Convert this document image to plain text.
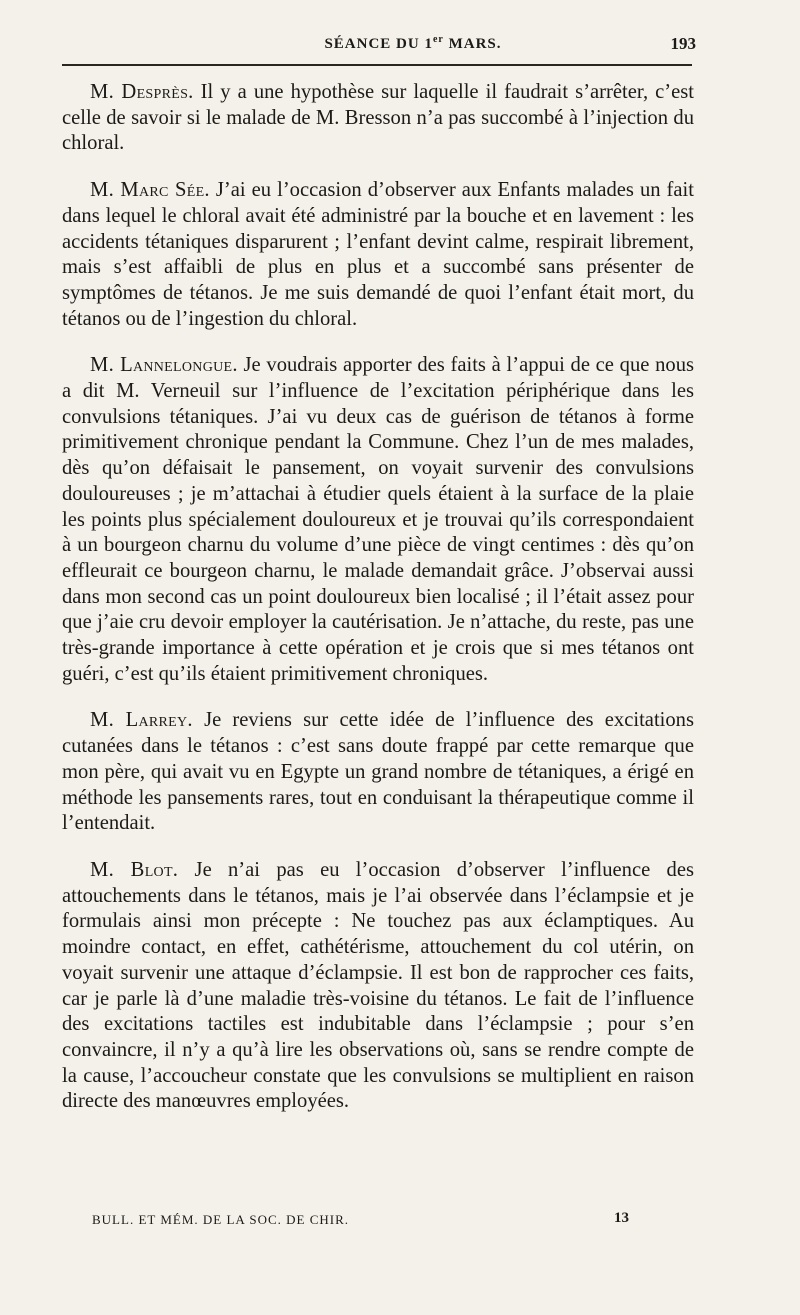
SÉANCE DU 1er MARS.	193

M. Desprès. Il y a une hypothèse sur laquelle il faudrait s’arrêter, c’est celle de savoir si le malade de M. Bresson n’a pas succombé à l’injection du chloral.

M. Marc Sée. J’ai eu l’occasion d’observer aux Enfants malades un fait dans lequel le chloral avait été administré par la bouche et en lavement : les accidents tétaniques disparurent ; l’enfant devint calme, respirait librement, mais s’est affaibli de plus en plus et a succombé sans présenter de symptômes de tétanos. Je me suis demandé de quoi l’enfant était mort, du tétanos ou de l’ingestion du chloral.

M. Lannelongue. Je voudrais apporter des faits à l’appui de ce que nous a dit M. Verneuil sur l’influence de l’excitation périphérique dans les convulsions tétaniques. J’ai vu deux cas de guérison de tétanos à forme primitivement chronique pendant la Commune. Chez l’un de mes malades, dès qu’on défaisait le pansement, on voyait survenir des convulsions douloureuses ; je m’attachai à étudier quels étaient à la surface de la plaie les points plus spécialement douloureux et je trouvai qu’ils correspondaient à un bourgeon charnu du volume d’une pièce de vingt centimes : dès qu’on effleurait ce bourgeon charnu, le malade demandait grâce. J’observai aussi dans mon second cas un point douloureux bien localisé ; il l’était assez pour que j’aie cru devoir employer la cautérisation. Je n’attache, du reste, pas une très-grande importance à cette opération et je crois que si mes tétanos ont guéri, c’est qu’ils étaient primitivement chroniques.

M. Larrey. Je reviens sur cette idée de l’influence des excitations cutanées dans le tétanos : c’est sans doute frappé par cette remarque que mon père, qui avait vu en Egypte un grand nombre de tétaniques, a érigé en méthode les pansements rares, tout en conduisant la thérapeutique comme il l’entendait.

M. Blot. Je n’ai pas eu l’occasion d’observer l’influence des attouchements dans le tétanos, mais je l’ai observée dans l’éclampsie et je formulais ainsi mon précepte : Ne touchez pas aux éclamptiques. Au moindre contact, en effet, cathétérisme, attouchement du col utérin, on voyait survenir une attaque d’éclampsie. Il est bon de rapprocher ces faits, car je parle là d’une maladie très-voisine du tétanos. Le fait de l’influence des excitations tactiles est indubitable dans l’éclampsie ; pour s’en convaincre, il n’y a qu’à lire les observations où, sans se rendre compte de la cause, l’accoucheur constate que les convulsions se multiplient en raison directe des manœuvres employées.

BULL. ET MÉM. DE LA SOC. DE CHIR.	13
